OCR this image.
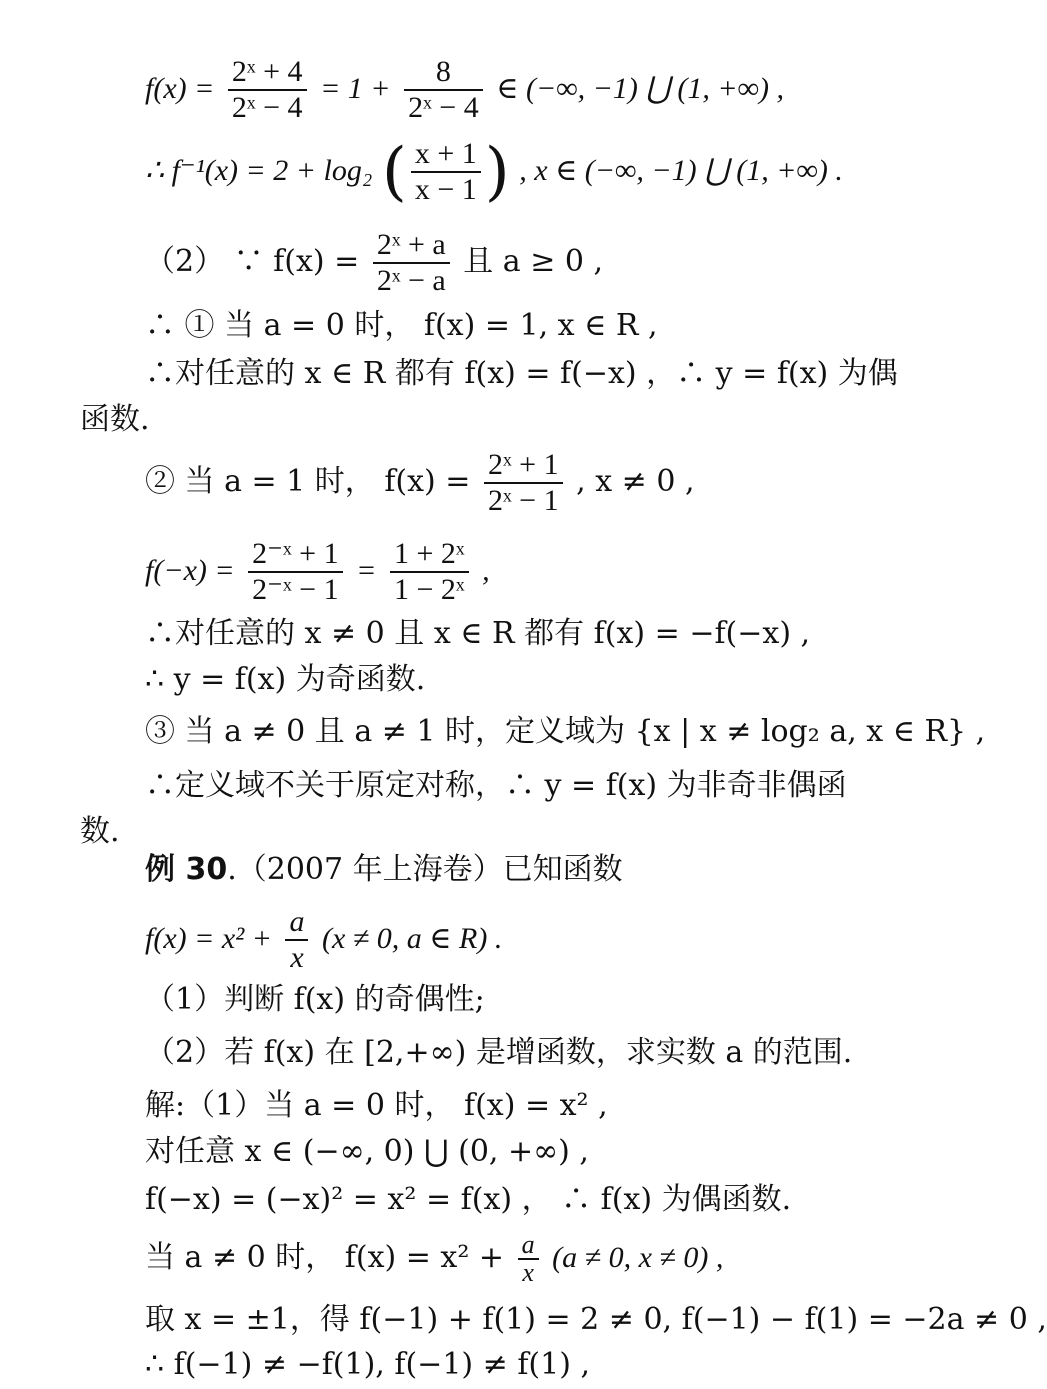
$f(x) = \frac{\text{2ˣ + 4}}{\text{2ˣ − 4}} = 1 + \frac{8}{\text{2ˣ − 4}}$ ∈ (−∞, −1) ⋃ (1, +∞) ,
∴ f⁻¹(x) = 2 + log₂ ( $\frac{x + 1}{x - 1}$ ) , x ∈ (−∞, −1) ⋃ (1, +∞) .
（2） ∵ $f(x) = \frac{\text{2ˣ + a}}{\text{2ˣ − a}}$ 且 a ≥ 0 ,
∴ ① 当 a = 0 时， f(x) = 1, x ∈ R ,
∴对任意的 x ∈ R 都有 f(x) = f(−x) ，∴ y = f(x) 为偶
函数.
② 当 a = 1 时， $f(x) = \frac{\text{2ˣ + 1}}{\text{2ˣ − 1}}$ , x ≠ 0 ,
$f(-x) = \frac{\text{2⁻ˣ + 1}}{\text{2⁻ˣ − 1}} = \frac{\text{1 + 2ˣ}}{\text{1 − 2ˣ}}$ ,
∴对任意的 x ≠ 0 且 x ∈ R 都有 f(x) = −f(−x) ,
∴ y = f(x) 为奇函数.
③ 当 a ≠ 0 且 a ≠ 1 时，定义域为 {x | x ≠ log₂ a, x ∈ R} ,
∴定义域不关于原定对称，∴ y = f(x) 为非奇非偶函
数.
例 30.（2007 年上海卷）已知函数
$f(x) = x^2 + \frac{a}{x} (x \ne 0$, a ∈ R) .
（1）判断 f(x) 的奇偶性;
（2）若 f(x) 在 [2,+∞) 是增函数，求实数 a 的范围.
解:（1）当 a = 0 时， f(x) = x² ,
对任意 x ∈ (−∞, 0) ⋃ (0, +∞) ,
f(−x) = (−x)² = x² = f(x) ， ∴ f(x) 为偶函数.
当 a ≠ 0 时， $f(x) = x^2 + \frac{a}{x} (a \ne 0$, x ≠ 0) ,
取 x = ±1，得 f(−1) + f(1) = 2 ≠ 0, f(−1) − f(1) = −2a ≠ 0 ,
∴ f(−1) ≠ −f(1), f(−1) ≠ f(1) ,
